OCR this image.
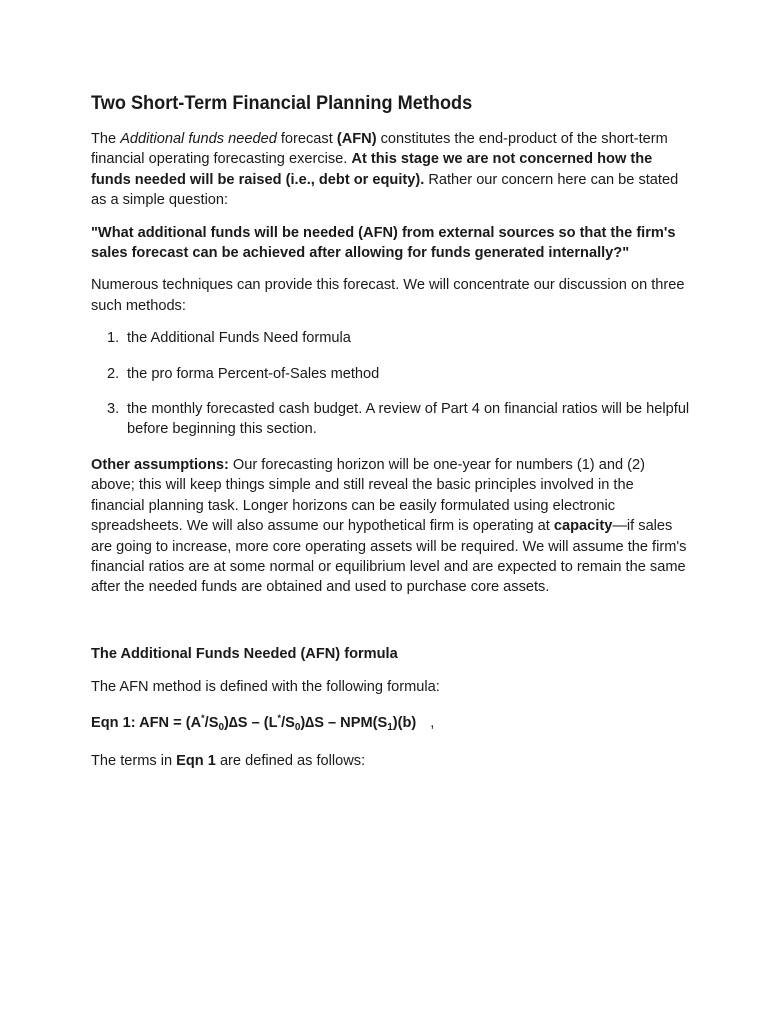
Two Short-Term Financial Planning Methods

The Additional funds needed forecast (AFN) constitutes the end-product of the short-term financial operating forecasting exercise. At this stage we are not concerned how the funds needed will be raised (i.e., debt or equity). Rather our concern here can be stated as a simple question:

"What additional funds will be needed (AFN) from external sources so that the firm's sales forecast can be achieved after allowing for funds generated internally?"

Numerous techniques can provide this forecast. We will concentrate our discussion on three such methods:

1. the Additional Funds Need formula
2. the pro forma Percent-of-Sales method
3. the monthly forecasted cash budget. A review of Part 4 on financial ratios will be helpful before beginning this section.

Other assumptions: Our forecasting horizon will be one-year for numbers (1) and (2) above; this will keep things simple and still reveal the basic principles involved in the financial planning task. Longer horizons can be easily formulated using electronic spreadsheets. We will also assume our hypothetical firm is operating at capacity—if sales are going to increase, more core operating assets will be required. We will assume the firm's financial ratios are at some normal or equilibrium level and are expected to remain the same after the needed funds are obtained and used to purchase core assets.

The Additional Funds Needed (AFN) formula

The AFN method is defined with the following formula:

Eqn 1: AFN = $(A^*/S_0)\Delta S - (L^*/S_0)\Delta S - NPM(S_1)(b)$ ,

The terms in Eqn 1 are defined as follows:
